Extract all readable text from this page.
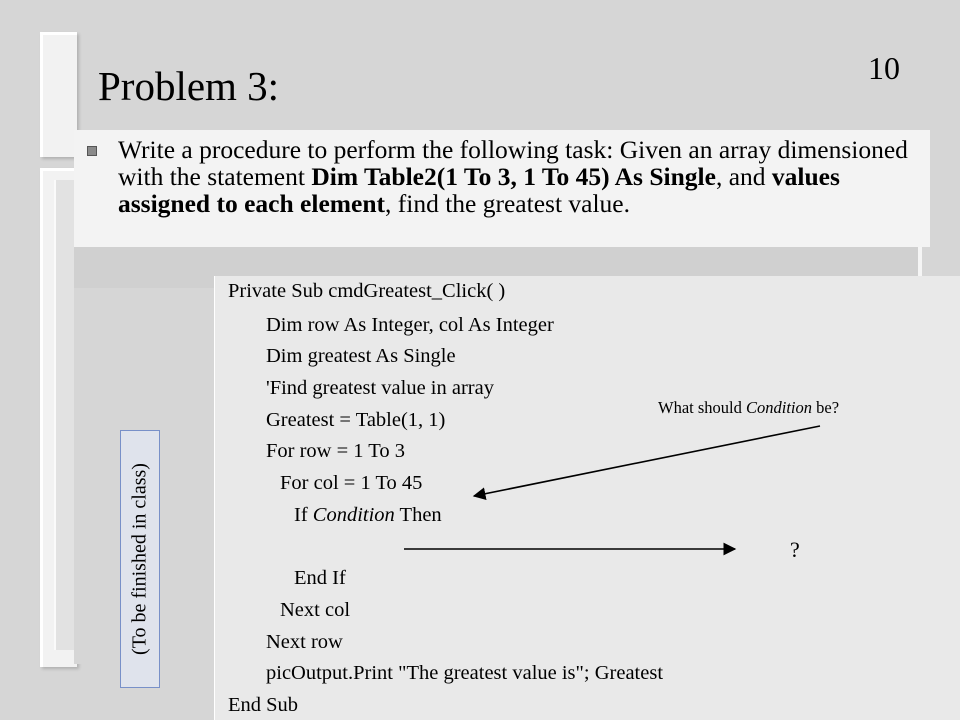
10
Problem 3:
Write a procedure to perform the following task: Given an array dimensioned with the statement Dim Table2(1 To 3, 1 To 45) As Single, and values assigned to each element, find the greatest value.
Private Sub cmdGreatest_Click( )
Dim row As Integer, col As Integer
Dim greatest As Single
'Find greatest value in array
Greatest = Table(1, 1)
For row = 1 To 3
For col = 1 To 45
If Condition Then
End If
Next col
Next row
picOutput.Print "The greatest value is"; Greatest
End Sub
What should Condition be?
?
(To be finished in class)
